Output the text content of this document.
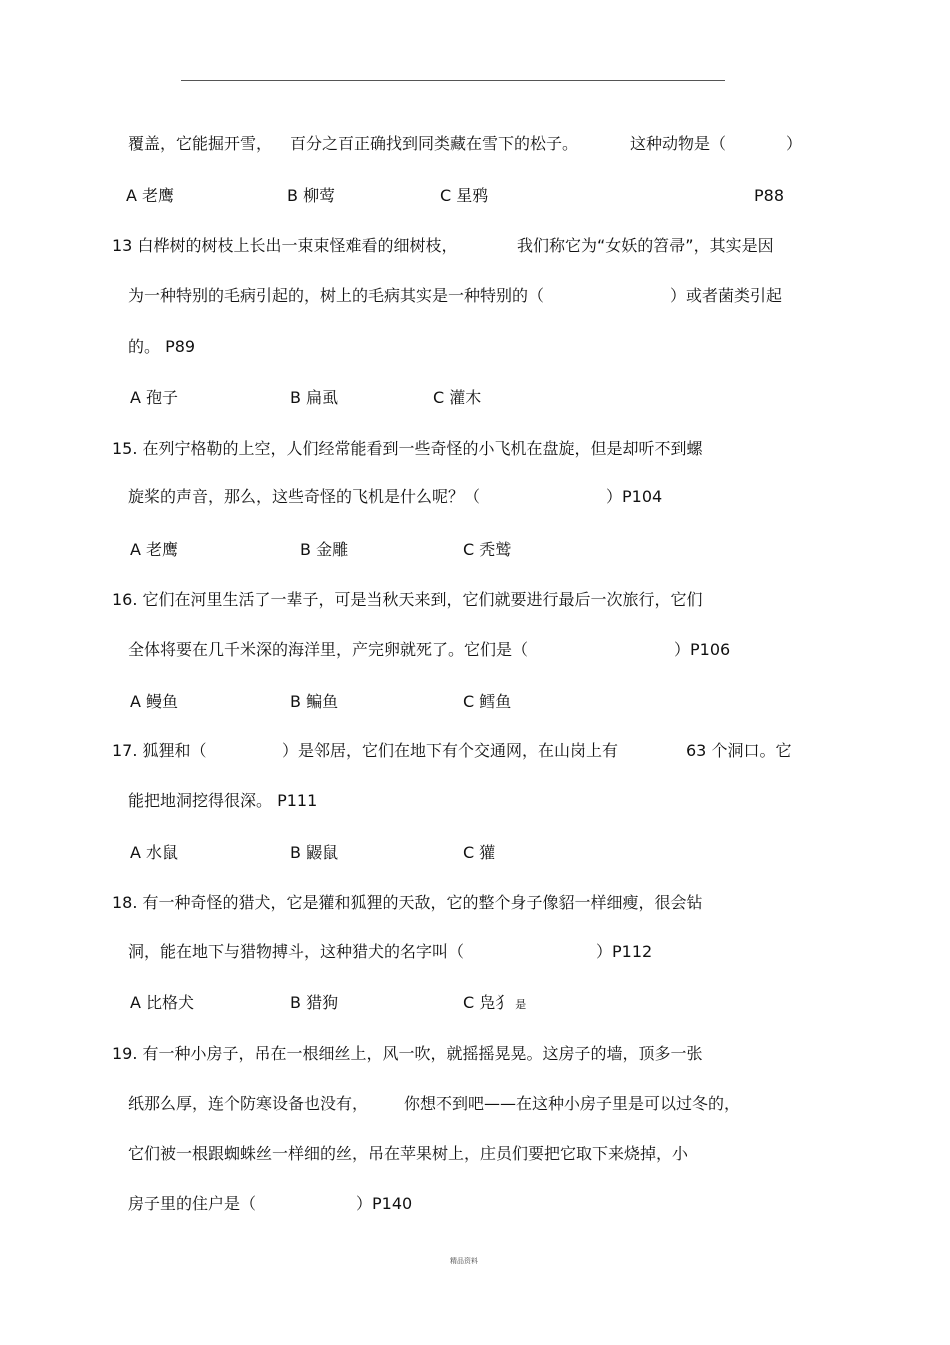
覆盖，它能掘开雪， 百分之百正确找到同类藏在雪下的松子。	这种动物是（	）
A 老鹰	B 柳莺	C 星鸦	P88
13 白桦树的树枝上长出一束束怪难看的细树枝，	我们称它为“女妖的笤帚”，其实是因
为一种特别的毛病引起的，树上的毛病其实是一种特别的（	）或者菌类引起
的。 P89
A 孢子	B 扁虱	C 灌木
15. 在列宁格勒的上空，人们经常能看到一些奇怪的小飞机在盘旋，但是却听不到螺
旋桨的声音，那么，这些奇怪的飞机是什么呢？（	）P104
A 老鹰	B 金雕	C 秃鹫
16. 它们在河里生活了一辈子，可是当秋天来到，它们就要进行最后一次旅行，它们
全体将要在几千米深的海洋里，产完卵就死了。它们是（	）P106
A 鳗鱼	B 鳊鱼	C 鳕鱼
17. 狐狸和（	）是邻居，它们在地下有个交通网，在山岗上有	63 个洞口。它
能把地洞挖得很深。 P111
A 水鼠	B 鼹鼠	C 獾
18. 有一种奇怪的猎犬，它是獾和狐狸的天敌，它的整个身子像貂一样细瘦，很会钻
洞，能在地下与猎物搏斗，这种猎犬的名字叫（	）P112
A 比格犬	B 猎狗	C 凫犭 是
19. 有一种小房子，吊在一根细丝上，风一吹，就摇摇晃晃。这房子的墙，顶多一张
纸那么厚，连个防寒设备也没有， 你想不到吧——在这种小房子里是可以过冬的，
它们被一根跟蜘蛛丝一样细的丝，吊在苹果树上，庄员们要把它取下来烧掉，小
房子里的住户是（	）P140
精品资料
